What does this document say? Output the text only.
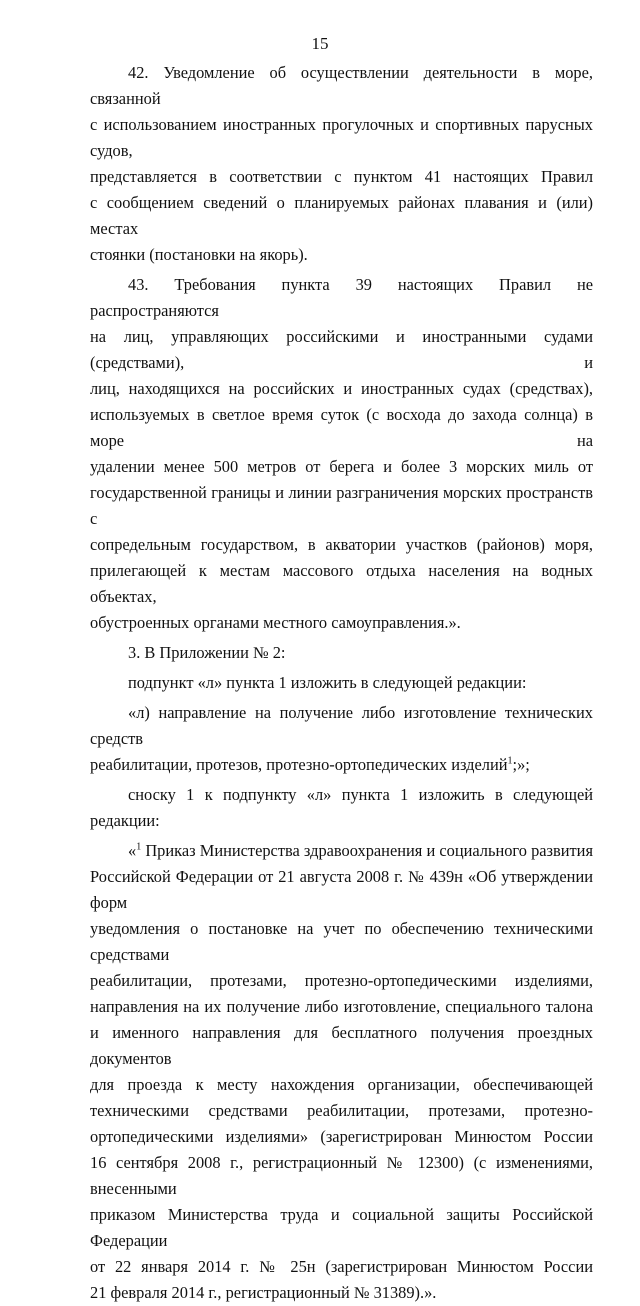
15
42. Уведомление об осуществлении деятельности в море, связанной
с использованием иностранных прогулочных и спортивных парусных судов,
представляется в соответствии с пунктом 41 настоящих Правил
с сообщением сведений о планируемых районах плавания и (или) местах
стоянки (постановки на якорь).
43. Требования пункта 39 настоящих Правил не распространяются
на лиц, управляющих российскими и иностранными судами (средствами), и
лиц, находящихся на российских и иностранных судах (средствах),
используемых в светлое время суток (с восхода до захода солнца) в море на
удалении менее 500 метров от берега и более 3 морских миль от
государственной границы и линии разграничения морских пространств с
сопредельным государством, в акватории участков (районов) моря,
прилегающей к местам массового отдыха населения на водных объектах,
обустроенных органами местного самоуправления.».
3. В Приложении № 2:
подпункт «л» пункта 1 изложить в следующей редакции:
«л) направление на получение либо изготовление технических средств
реабилитации, протезов, протезно-ортопедических изделий$^1$;»;
сноску 1 к подпункту «л» пункта 1 изложить в следующей редакции:
«$^1$ Приказ Министерства здравоохранения и социального развития
Российской Федерации от 21 августа 2008 г. № 439н «Об утверждении форм
уведомления о постановке на учет по обеспечению техническими средствами
реабилитации, протезами, протезно-ортопедическими изделиями,
направления на их получение либо изготовление, специального талона
и именного направления для бесплатного получения проездных документов
для проезда к месту нахождения организации, обеспечивающей
техническими средствами реабилитации, протезами, протезно-
ортопедическими изделиями» (зарегистрирован Минюстом России
16 сентября 2008 г., регистрационный № 12300) (с изменениями, внесенными
приказом Министерства труда и социальной защиты Российской Федерации
от 22 января 2014 г. № 25н (зарегистрирован Минюстом России
21 февраля 2014 г., регистрационный № 31389).».
